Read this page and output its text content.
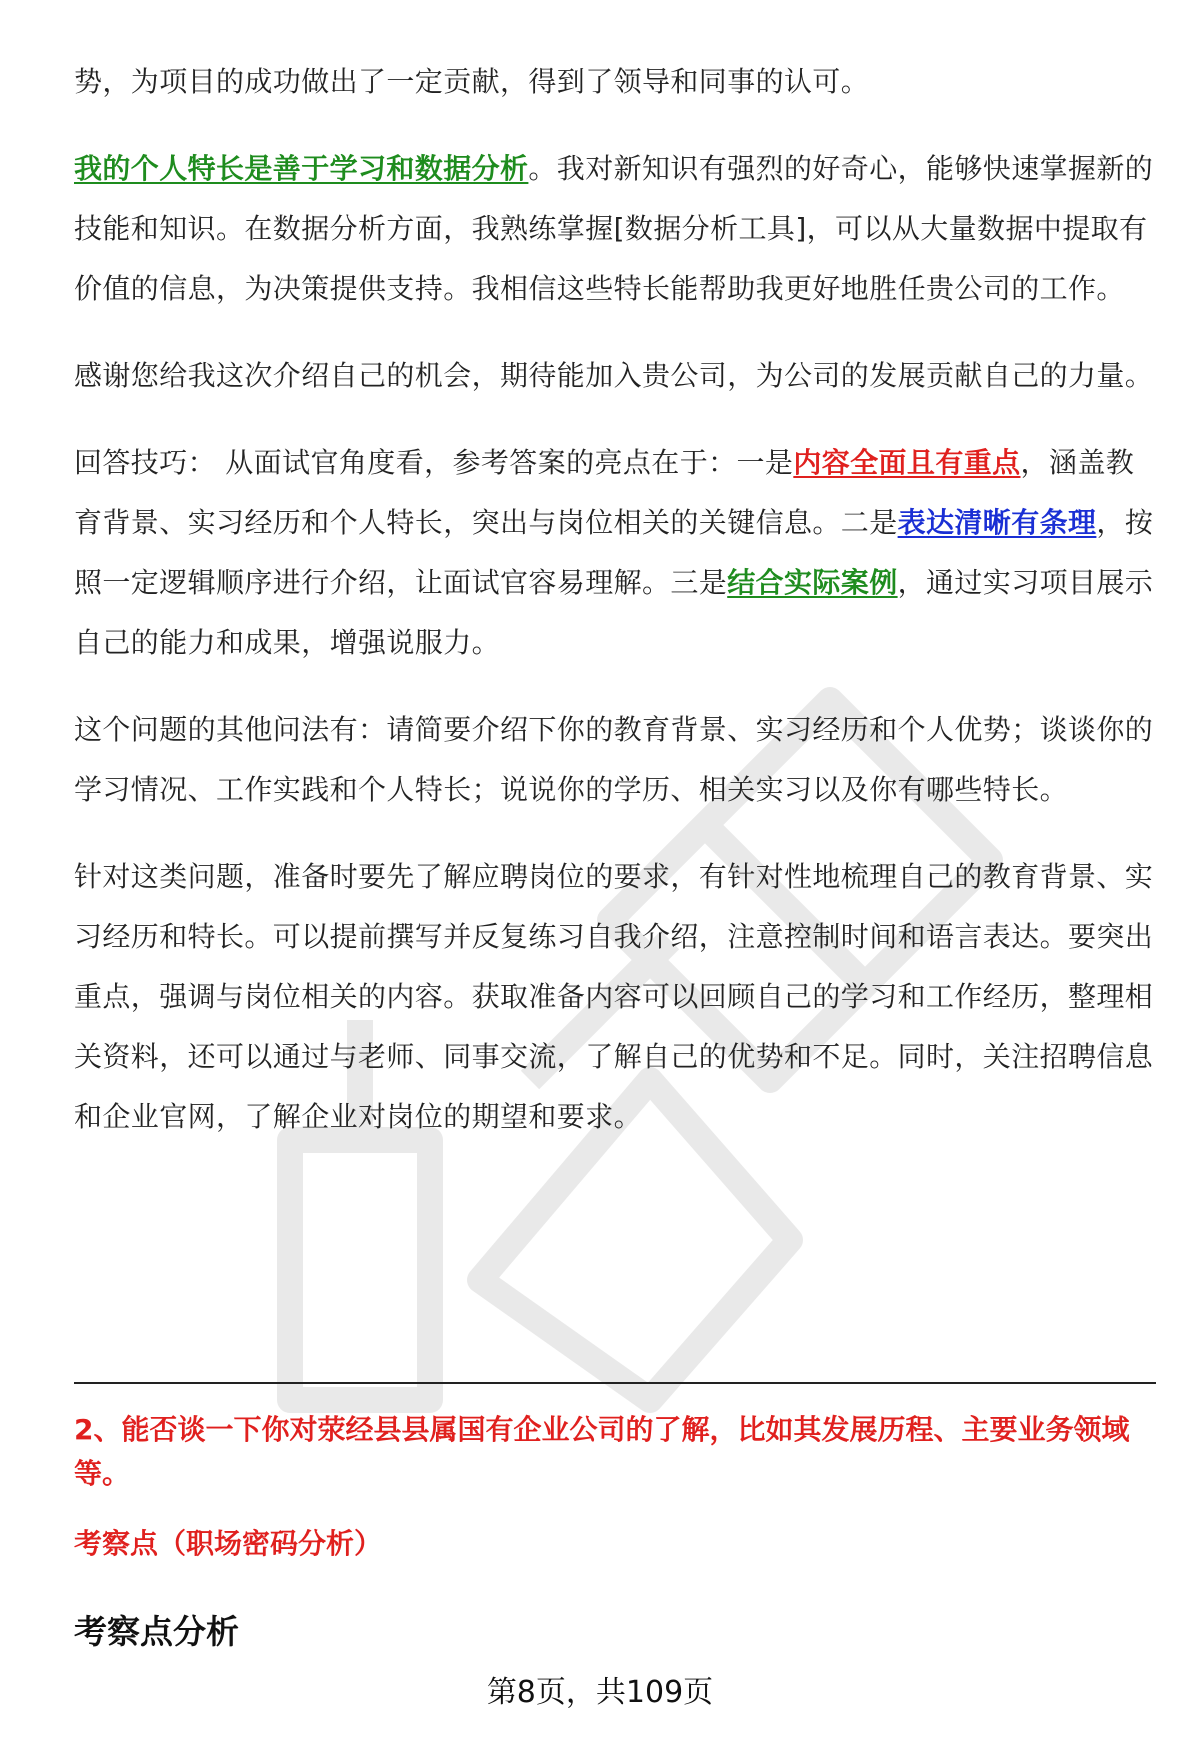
势，为项目的成功做出了一定贡献，得到了领导和同事的认可。

我的个人特长是善于学习和数据分析。我对新知识有强烈的好奇心，能够快速掌握新的技能和知识。在数据分析方面，我熟练掌握[数据分析工具]，可以从大量数据中提取有价值的信息，为决策提供支持。我相信这些特长能帮助我更好地胜任贵公司的工作。

感谢您给我这次介绍自己的机会，期待能加入贵公司，为公司的发展贡献自己的力量。

回答技巧： 从面试官角度看，参考答案的亮点在于：一是内容全面且有重点，涵盖教育背景、实习经历和个人特长，突出与岗位相关的关键信息。二是表达清晰有条理，按照一定逻辑顺序进行介绍，让面试官容易理解。三是结合实际案例，通过实习项目展示自己的能力和成果，增强说服力。

这个问题的其他问法有：请简要介绍下你的教育背景、实习经历和个人优势；谈谈你的学习情况、工作实践和个人特长；说说你的学历、相关实习以及你有哪些特长。

针对这类问题，准备时要先了解应聘岗位的要求，有针对性地梳理自己的教育背景、实习经历和特长。可以提前撰写并反复练习自我介绍，注意控制时间和语言表达。要突出重点，强调与岗位相关的内容。获取准备内容可以回顾自己的学习和工作经历，整理相关资料，还可以通过与老师、同事交流，了解自己的优势和不足。同时，关注招聘信息和企业官网，了解企业对岗位的期望和要求。

2、能否谈一下你对荥经县县属国有企业公司的了解，比如其发展历程、主要业务领域等。

考察点（职场密码分析）

考察点分析

第8页，共109页
